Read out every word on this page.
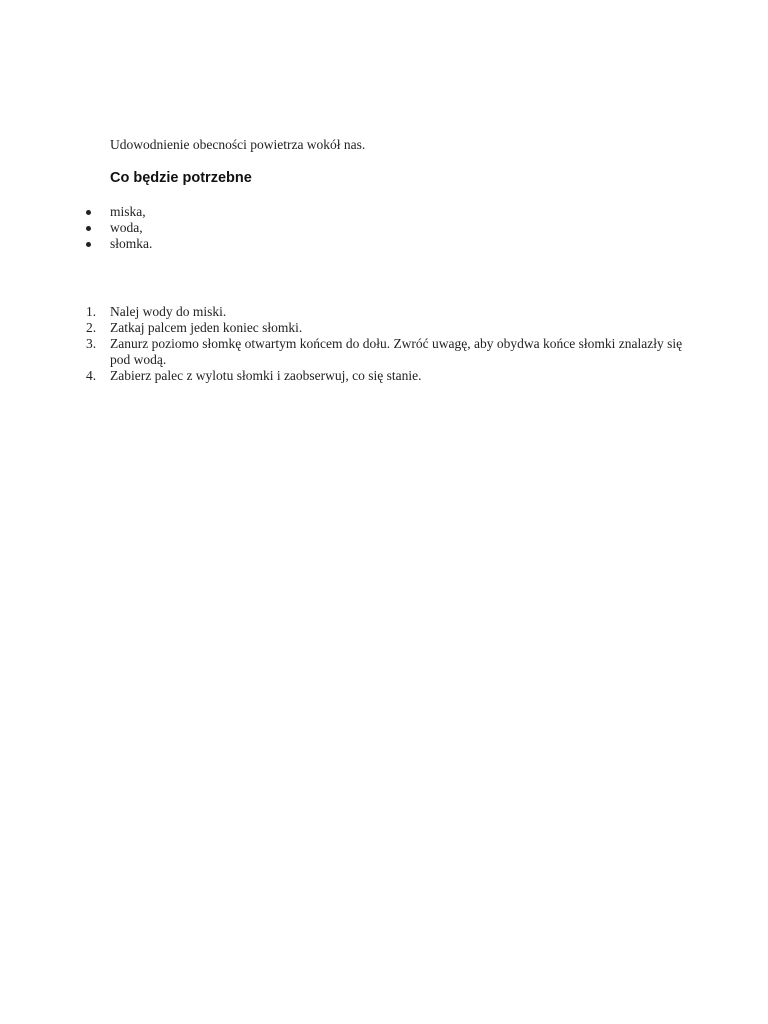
Udowodnienie obecności powietrza wokół nas.
Co będzie potrzebne
miska,
woda,
słomka.
1. Nalej wody do miski.
2. Zatkaj palcem jeden koniec słomki.
3. Zanurz poziomo słomkę otwartym końcem do dołu. Zwróć uwagę, aby obydwa końce słomki znalazły się pod wodą.
4. Zabierz palec z wylotu słomki i zaobserwuj, co się stanie.
